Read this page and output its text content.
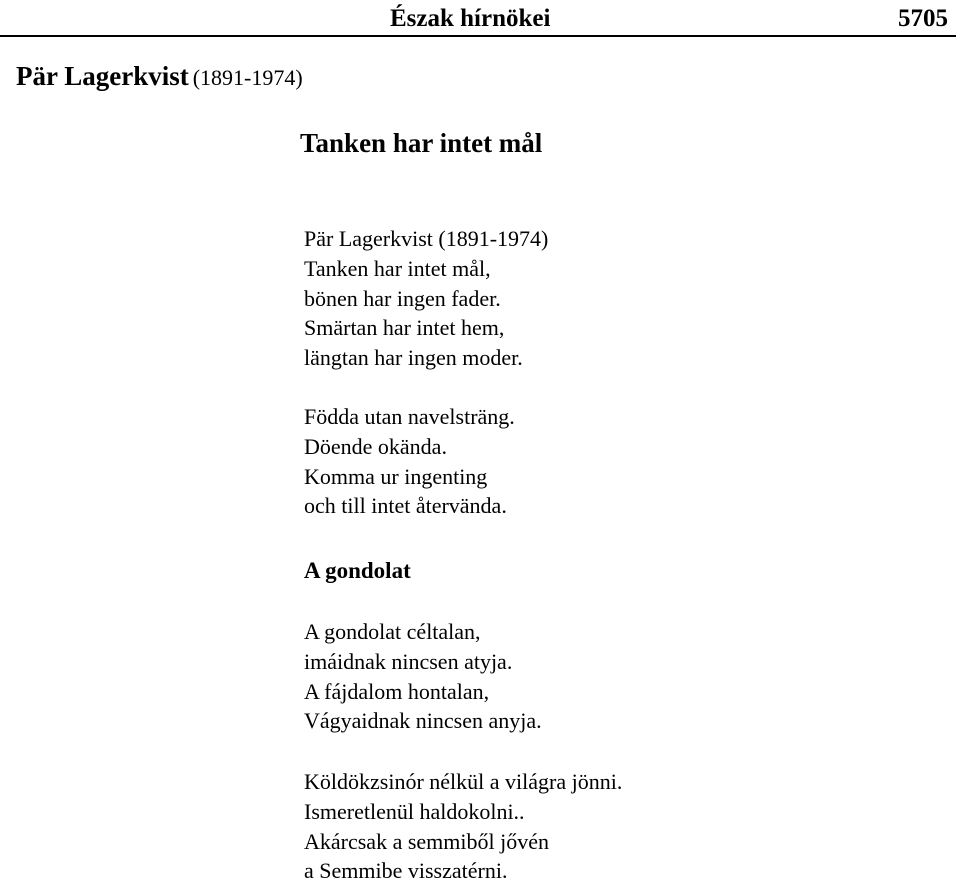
Észak hírnökei	5705
Pär Lagerkvist (1891-1974)
Tanken har intet mål
Pär Lagerkvist (1891-1974)
Tanken har intet mål,
bönen har ingen fader.
Smärtan har intet hem,
längtan har ingen moder.
Födda utan navelsträng.
Döende okända.
Komma ur ingenting
och till intet återvända.
A gondolat
A gondolat céltalan,
imáidnak nincsen atyja.
A fájdalom hontalan,
Vágyaidnak nincsen anyja.
Köldökzsinór nélkül a világra jönni.
Ismeretlenül haldokolni..
Akárcsak a semmiből jővén
a Semmibe visszatérni.
